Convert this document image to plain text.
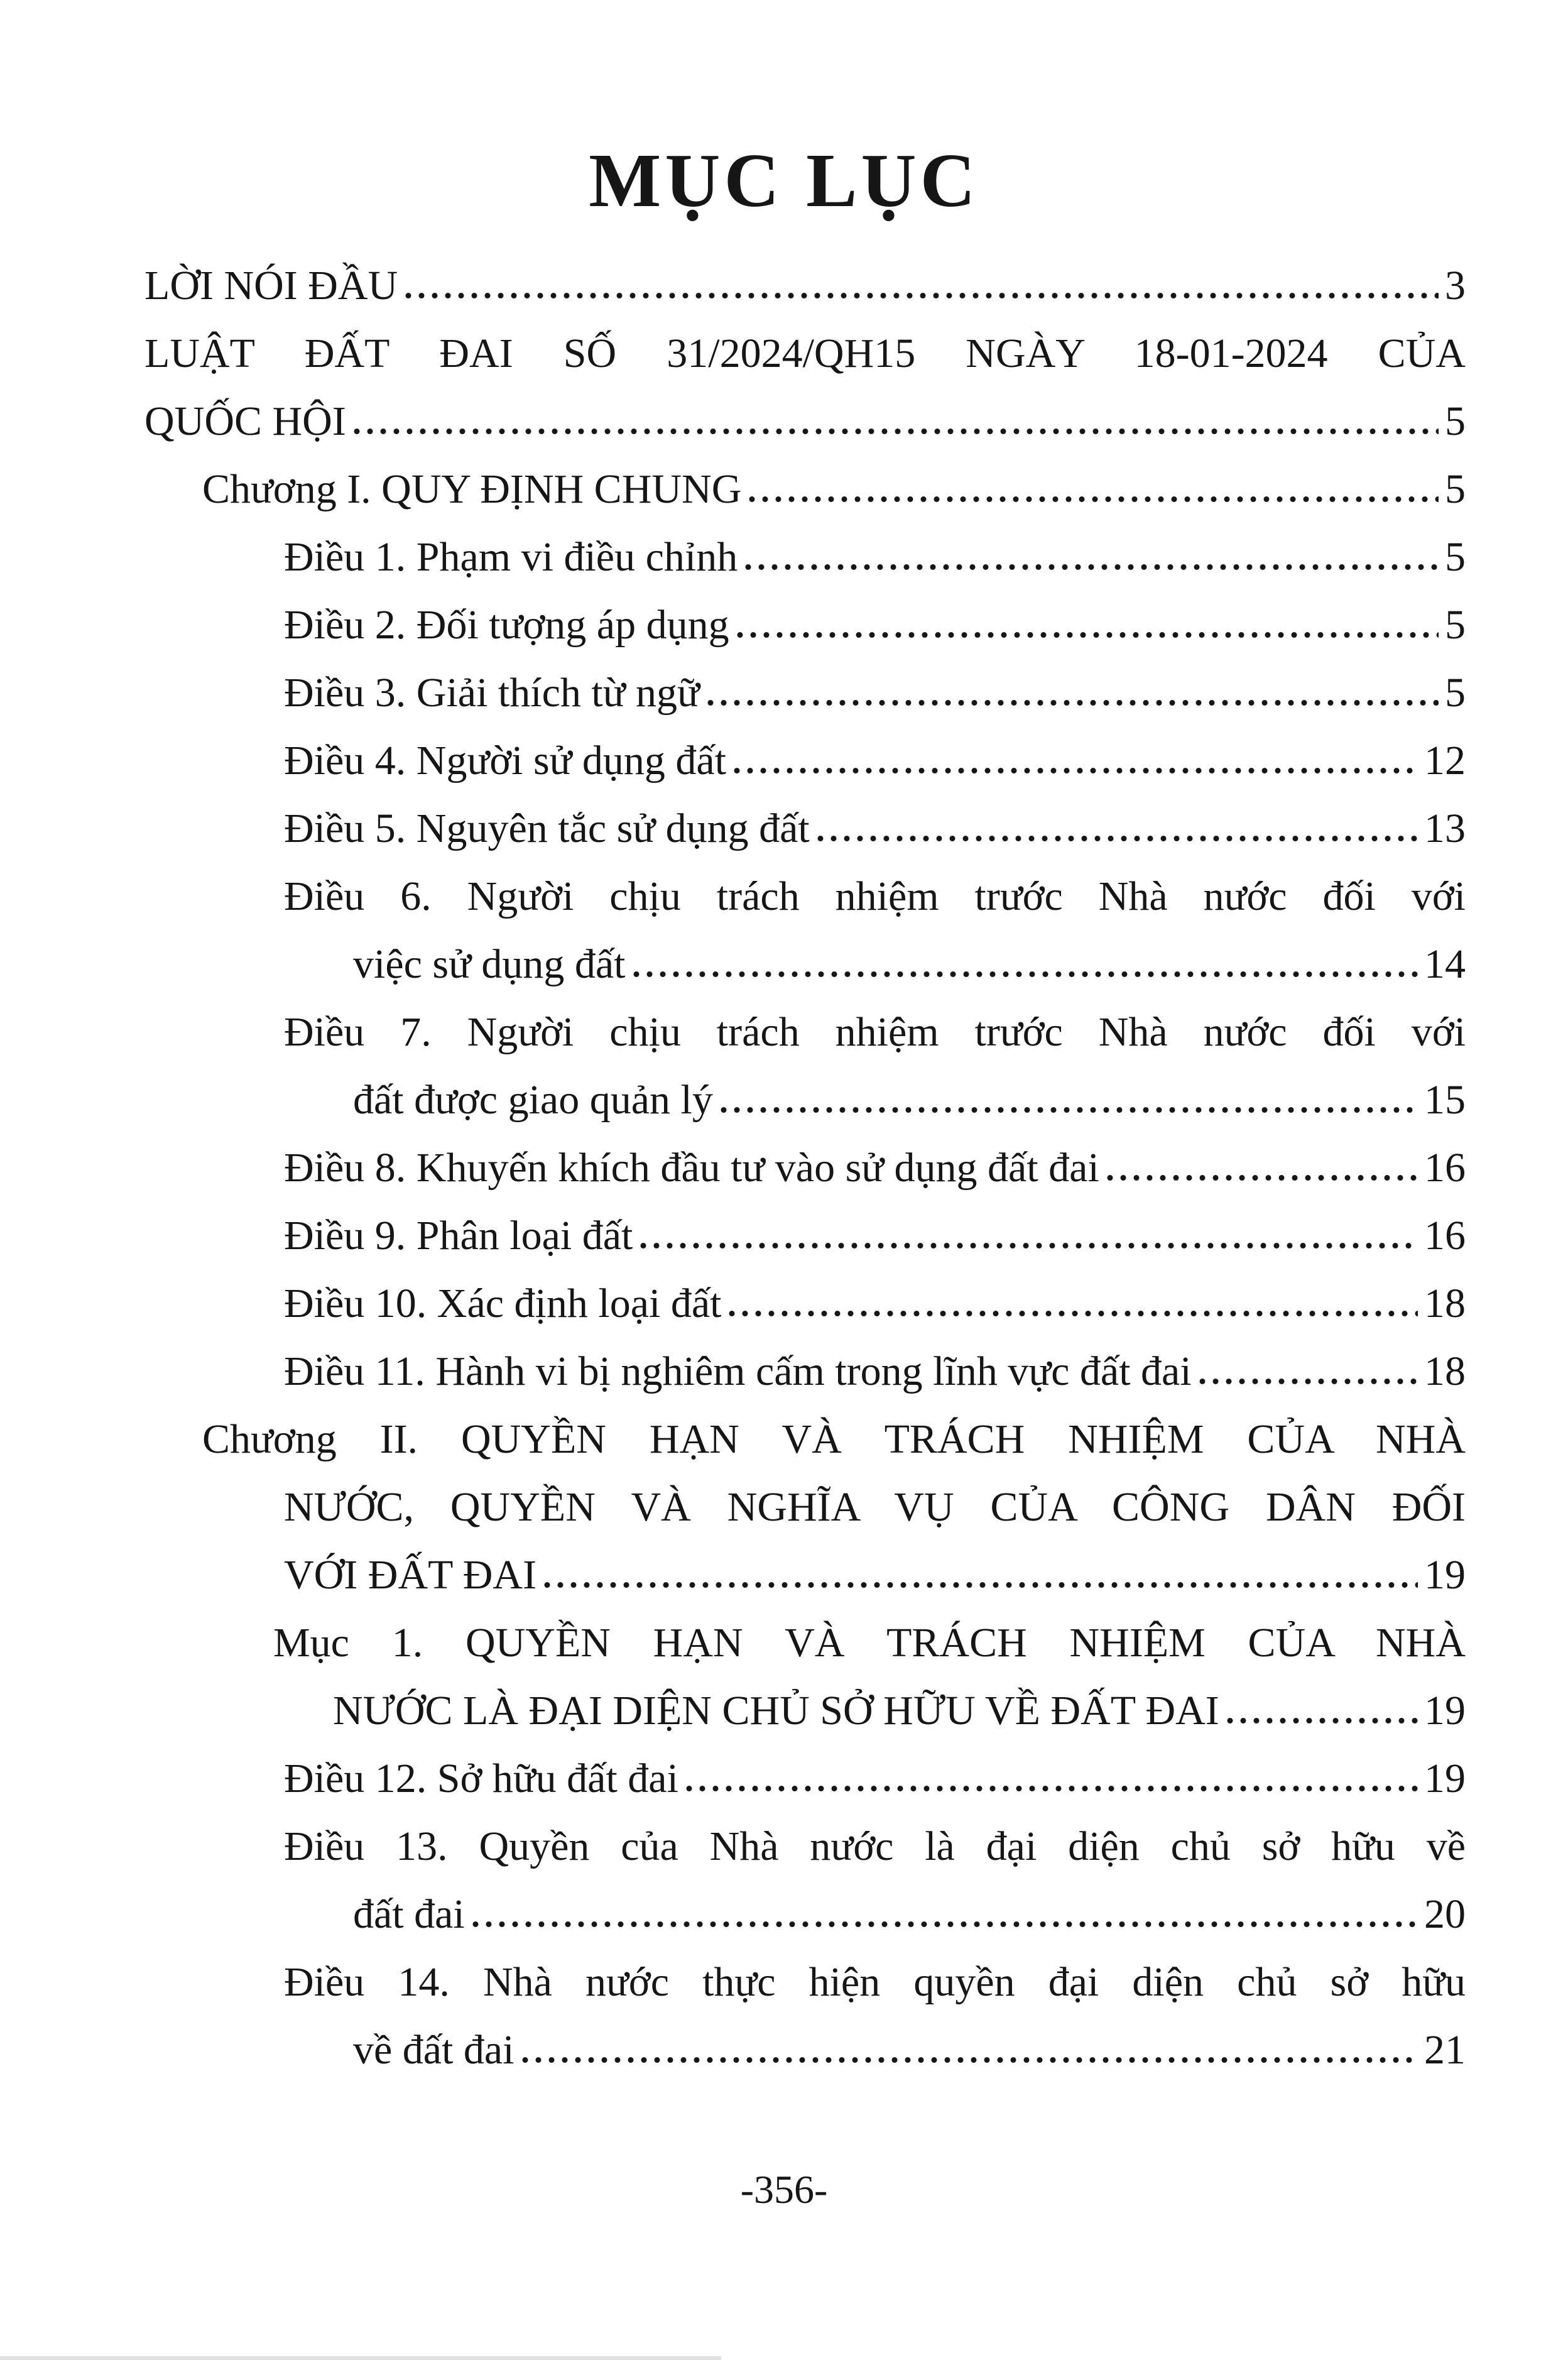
MỤC LỤC
LỜI NÓI ĐẦU	3
LUẬT ĐẤT ĐAI SỐ 31/2024/QH15 NGÀY 18-01-2024 CỦA
QUỐC HỘI	5
Chương I. QUY ĐỊNH CHUNG	5
Điều 1. Phạm vi điều chỉnh	5
Điều 2. Đối tượng áp dụng	5
Điều 3. Giải thích từ ngữ	5
Điều 4. Người sử dụng đất	12
Điều 5. Nguyên tắc sử dụng đất	13
Điều 6. Người chịu trách nhiệm trước Nhà nước đối với
việc sử dụng đất	14
Điều 7. Người chịu trách nhiệm trước Nhà nước đối với
đất được giao quản lý	15
Điều 8. Khuyến khích đầu tư vào sử dụng đất đai	16
Điều 9. Phân loại đất	16
Điều 10. Xác định loại đất	18
Điều 11. Hành vi bị nghiêm cấm trong lĩnh vực đất đai	18
Chương II. QUYỀN HẠN VÀ TRÁCH NHIỆM CỦA NHÀ
NƯỚC, QUYỀN VÀ NGHĨA VỤ CỦA CÔNG DÂN ĐỐI
VỚI ĐẤT ĐAI	19
Mục 1. QUYỀN HẠN VÀ TRÁCH NHIỆM CỦA NHÀ
NƯỚC LÀ ĐẠI DIỆN CHỦ SỞ HỮU VỀ ĐẤT ĐAI	19
Điều 12. Sở hữu đất đai	19
Điều 13. Quyền của Nhà nước là đại diện chủ sở hữu về
đất đai	20
Điều 14. Nhà nước thực hiện quyền đại diện chủ sở hữu
về đất đai	21
-356-
